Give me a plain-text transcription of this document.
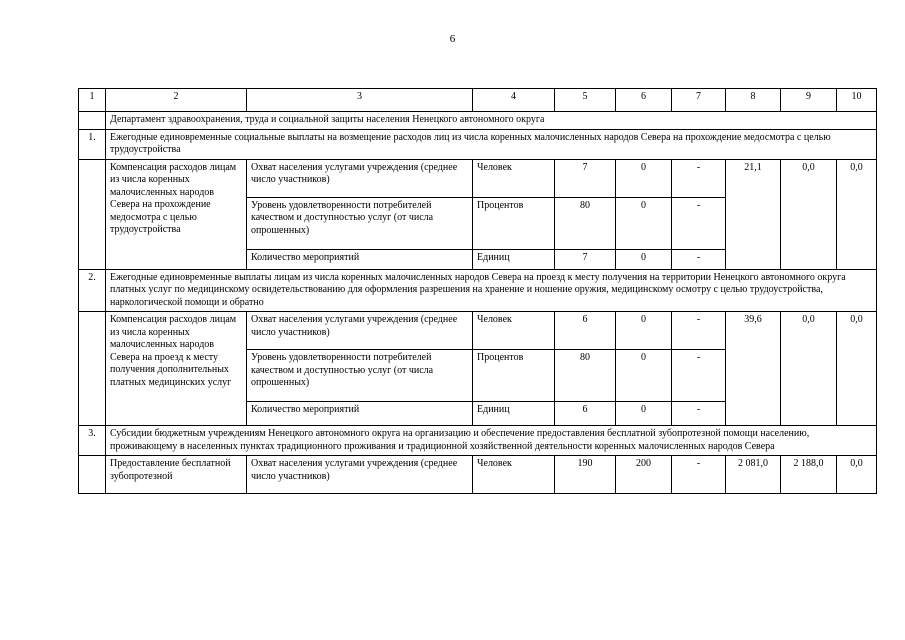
6
1	2	3	4	5	6	7	8	9	10
	Департамент здравоохранения, труда и социальной защиты населения Ненецкого автономного округа								
1.	Ежегодные единовременные социальные выплаты на возмещение расходов лиц из числа коренных малочисленных народов Севера на прохождение медосмотра с целью трудоустройства								
	Компенсация расходов лицам из числа коренных малочисленных народов Севера на прохождение медосмотра с целью трудоустройства	Охват населения услугами учреждения (среднее число участников)	Человек	7	0	-	21,1	0,0	0,0
		Уровень удовлетворенности потребителей качеством и доступностью услуг (от числа опрошенных)	Процентов	80	0	-			
		Количество мероприятий	Единиц	7	0	-			
2.	Ежегодные единовременные выплаты лицам из числа коренных малочисленных народов Севера на проезд к месту получения на территории Ненецкого автономного округа платных услуг по медицинскому освидетельствованию для оформления разрешения на хранение и ношение оружия, медицинскому осмотру с целью трудоустройства, наркологической помощи и обратно								
	Компенсация расходов лицам из числа коренных малочисленных народов Севера на проезд к месту получения дополнительных платных медицинских услуг	Охват населения услугами учреждения (среднее число участников)	Человек	6	0	-	39,6	0,0	0,0
		Уровень удовлетворенности потребителей качеством и доступностью услуг (от числа опрошенных)	Процентов	80	0	-			
		Количество мероприятий	Единиц	6	0	-			
3.	Субсидии бюджетным учреждениям Ненецкого автономного округа на организацию и обеспечение предоставления бесплатной зубопротезной помощи населению, проживающему в населенных пунктах традиционного проживания и традиционной хозяйственной деятельности коренных малочисленных народов Севера								
	Предоставление бесплатной зубопротезной	Охват населения услугами учреждения (среднее число участников)	Человек	190	200	-	2 081,0	2 188,0	0,0
